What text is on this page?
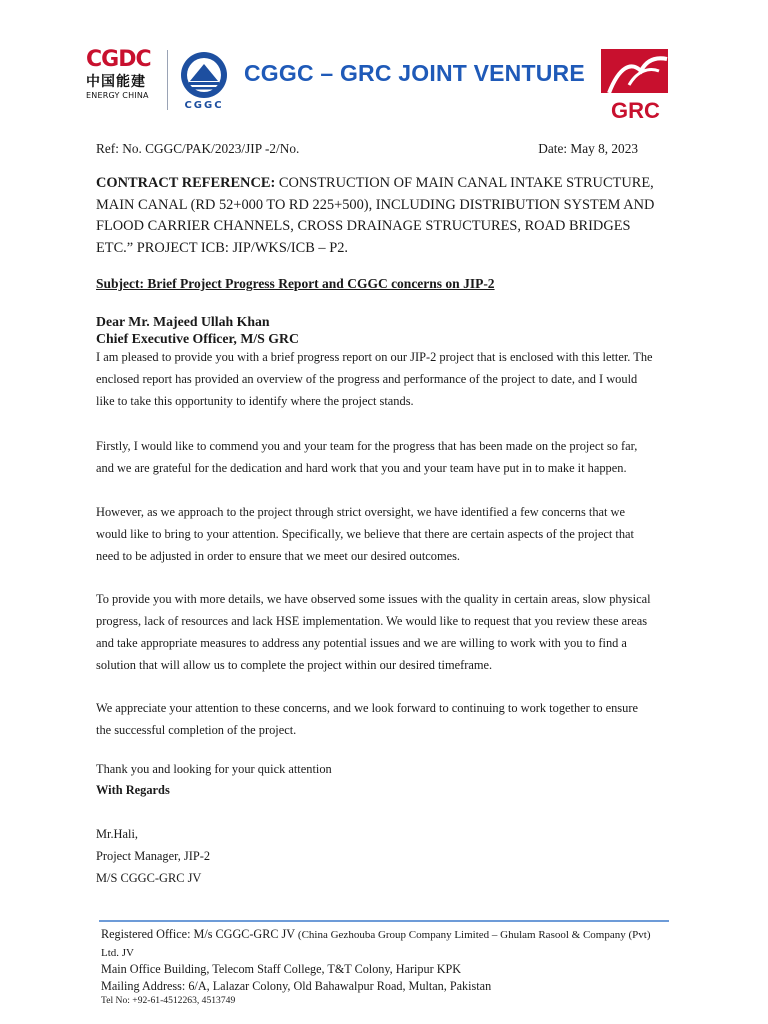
CGDC
中国能建
ENERGY CHINA
CGGC
CGGC – GRC JOINT VENTURE
GRC
Ref: No. CGGC/PAK/2023/JIP -2/No.	Date: May 8, 2023
CONTRACT REFERENCE: CONSTRUCTION OF MAIN CANAL INTAKE STRUCTURE, MAIN CANAL (RD 52+000 TO RD 225+500), INCLUDING DISTRIBUTION SYSTEM AND FLOOD CARRIER CHANNELS, CROSS DRAINAGE STRUCTURES, ROAD BRIDGES ETC.” PROJECT ICB: JIP/WKS/ICB – P2.
Subject: Brief Project Progress Report and CGGC concerns on JIP-2
Dear Mr. Majeed Ullah Khan
Chief Executive Officer, M/S GRC
I am pleased to provide you with a brief progress report on our JIP-2 project that is enclosed with this letter. The enclosed report has provided an overview of the progress and performance of the project to date, and I would like to take this opportunity to identify where the project stands.
Firstly, I would like to commend you and your team for the progress that has been made on the project so far, and we are grateful for the dedication and hard work that you and your team have put in to make it happen.
However, as we approach to the project through strict oversight, we have identified a few concerns that we would like to bring to your attention. Specifically, we believe that there are certain aspects of the project that need to be adjusted in order to ensure that we meet our desired outcomes.
To provide you with more details, we have observed some issues with the quality in certain areas, slow physical progress, lack of resources and lack HSE implementation. We would like to request that you review these areas and take appropriate measures to address any potential issues and we are willing to work with you to find a solution that will allow us to complete the project within our desired timeframe.
We appreciate your attention to these concerns, and we look forward to continuing to work together to ensure the successful completion of the project.
Thank you and looking for your quick attention
With Regards
Mr.Hali,
Project Manager, JIP-2
M/S CGGC-GRC JV
Registered Office: M/s CGGC-GRC JV (China Gezhouba Group Company Limited – Ghulam Rasool & Company (Pvt) Ltd. JV
Main Office Building, Telecom Staff College, T&T Colony, Haripur KPK
Mailing Address: 6/A, Lalazar Colony, Old Bahawalpur Road, Multan, Pakistan
Tel No: +92-61-4512263, 4513749
